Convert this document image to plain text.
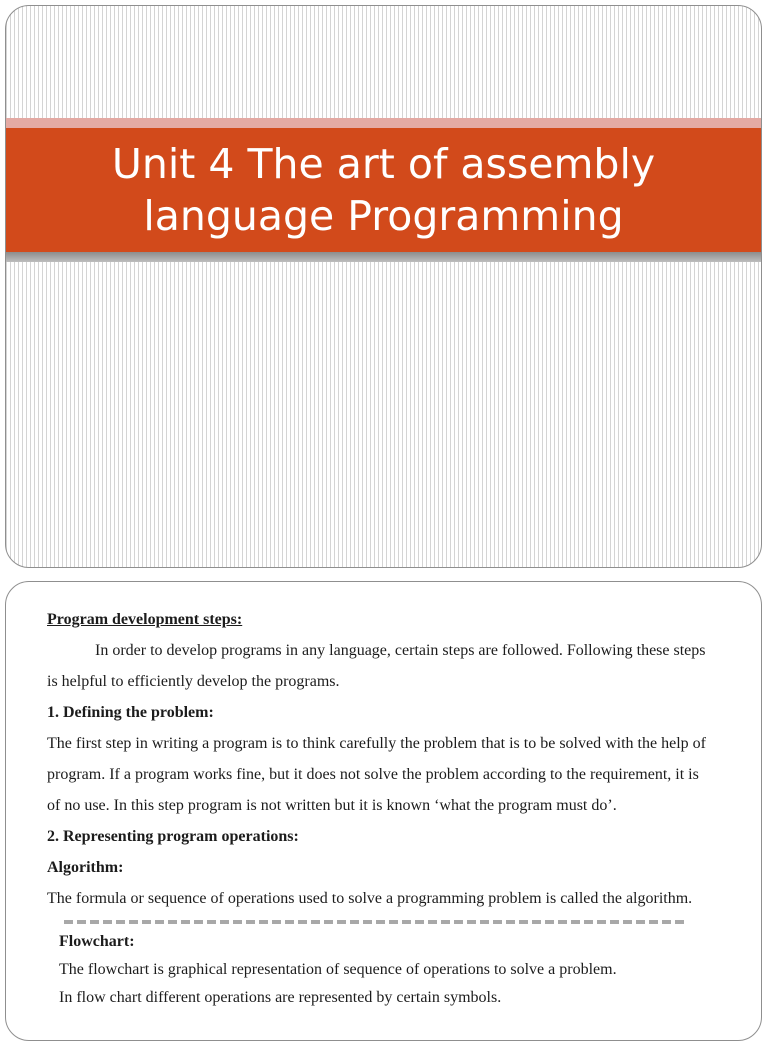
Unit 4 The art of assembly
language Programming

Program development steps:

In order to develop programs in any language, certain steps are followed. Following these steps

is helpful to efficiently develop the programs.

1. Defining the problem:

The first step in writing a program is to think carefully the problem that is to be solved with the help of

program. If a program works fine, but it does not solve the problem according to the requirement, it is

of no use. In this step program is not written but it is known ‘what the program must do’.

2. Representing program operations:

Algorithm:

The formula or sequence of operations used to solve a programming problem is called the algorithm.

Flowchart:

The flowchart is graphical representation of sequence of operations to solve a problem.

In flow chart different operations are represented by certain symbols.
